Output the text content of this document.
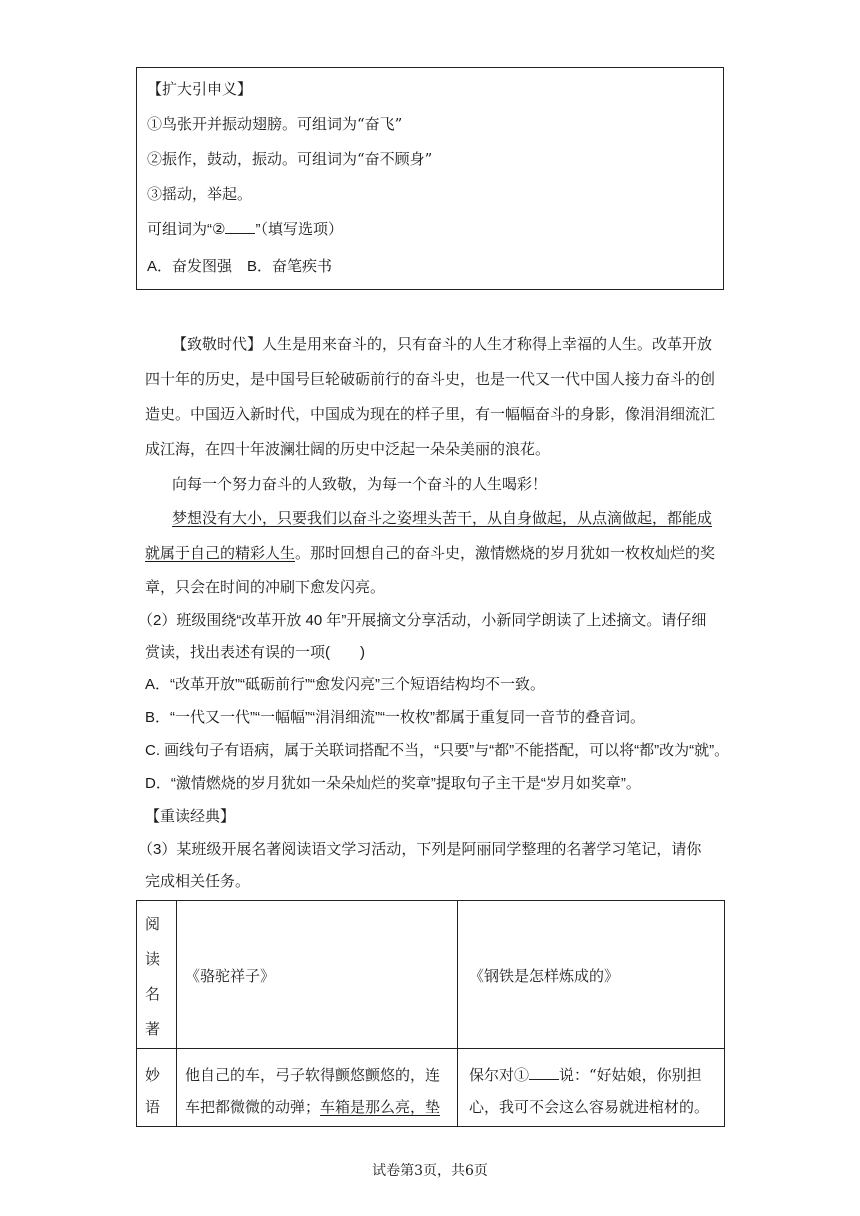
【扩大引申义】
①鸟张开并振动翅膀。可组词为“奋飞”
②振作，鼓动，振动。可组词为“奋不顾身”
③摇动，举起。
可组词为“② ”（填写选项）
A．奋发图强　B．奋笔疾书
【致敬时代】人生是用来奋斗的，只有奋斗的人生才称得上幸福的人生。改革开放
四十年的历史，是中国号巨轮破砺前行的奋斗史，也是一代又一代中国人接力奋斗的创
造史。中国迈入新时代，中国成为现在的样子里，有一幅幅奋斗的身影，像涓涓细流汇
成江海，在四十年波澜壮阔的历史中泛起一朵朵美丽的浪花。
向每一个努力奋斗的人致敬，为每一个奋斗的人生喝彩！
梦想没有大小，只要我们以奋斗之姿埋头苦干，从自身做起，从点滴做起，都能成
就属于自己的精彩人生。那时回想自己的奋斗史，激情燃烧的岁月犹如一枚枚灿烂的奖
章，只会在时间的冲刷下愈发闪亮。
（2）班级围绕“改革开放 40 年”开展摘文分享活动，小新同学朗读了上述摘文。请仔细
赏读，找出表述有误的一项(　　)
A．“改革开放”“砥砺前行”“愈发闪亮”三个短语结构均不一致。
B．“一代又一代”“一幅幅”“涓涓细流”“一枚枚”都属于重复同一音节的叠音词。
C. 画线句子有语病，属于关联词搭配不当，“只要”与“都”不能搭配，可以将“都”改为“就”。
D．“激情燃烧的岁月犹如一朵朵灿烂的奖章”提取句子主干是“岁月如奖章”。
【重读经典】
（3）某班级开展名著阅读语文学习活动，下列是阿丽同学整理的名著学习笔记，请你
完成相关任务。
阅
读
名
著
《骆驼祥子》	《钢铁是怎样炼成的》
妙
语
他自己的车，弓子软得颤悠颤悠的，连
车把都微微的动弹；车箱是那么亮，垫
保尔对① 说：“好姑娘，你别担
心，我可不会这么容易就进棺材的。
试卷第3页，共6页
